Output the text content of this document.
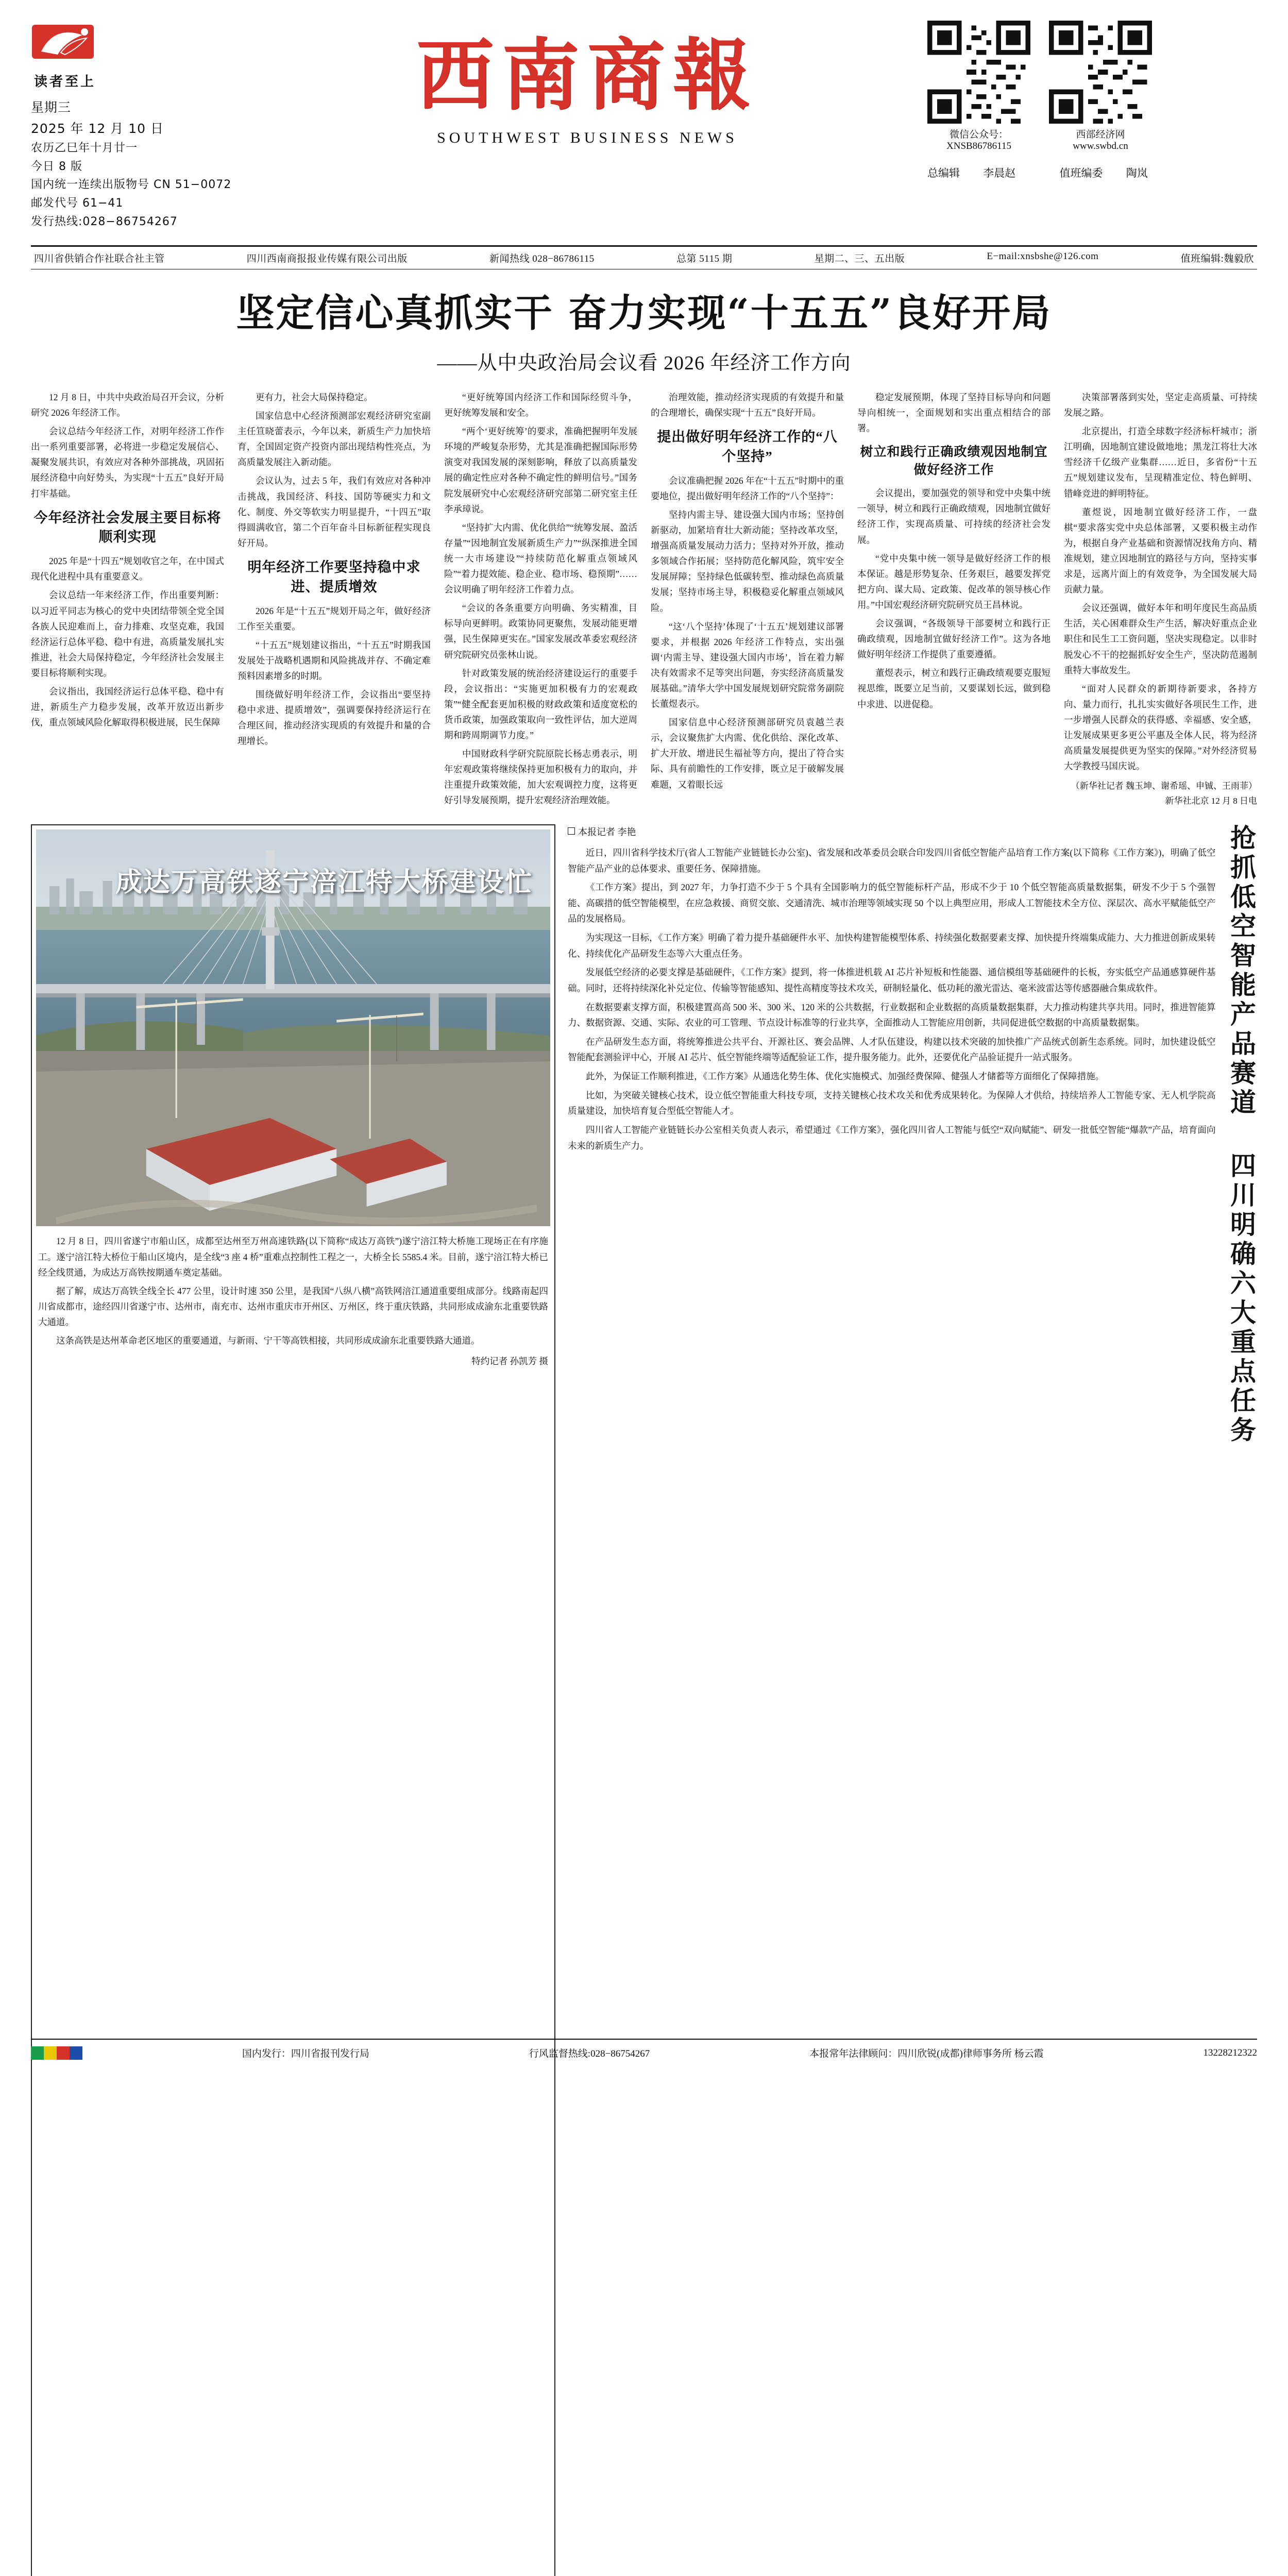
读者至上
星期三
2025 年 12 月 10 日
农历乙巳年十月廿一
今日 8 版
国内统一连续出版物号 CN 51−0072
邮发代号 61−41
发行热线:028−86754267
西南商報
SOUTHWEST BUSINESS NEWS	微信公众号：XNSB86786115
西部经济网 www.swbd.cn
总编辑 李晨赵	值班编委 陶岚
四川省供销合作社联合社主管	四川西南商报报业传媒有限公司出版	新闻热线 028−86786115	总第 5115 期	星期二、三、五出版	E−mail:xnsbshe@126.com	值班编辑:魏毅欣
坚定信心真抓实干 奋力实现“十五五”良好开局
——从中央政治局会议看 2026 年经济工作方向

12 月 8 日，中共中央政治局召开会议，分析研究 2026 年经济工作。

会议总结今年经济工作，对明年经济工作作出一系列重要部署，必将进一步稳定发展信心、凝聚发展共识，有效应对各种外部挑战，巩固拓展经济稳中向好势头，为实现“十五五”良好开局打牢基础。

今年经济社会发展主要目标将顺利实现

2025 年是“十四五”规划收官之年，在中国式现代化进程中具有重要意义。

会议总结一年来经济工作，作出重要判断：以习近平同志为核心的党中央团结带领全党全国各族人民迎难而上，奋力排难、攻坚克难，我国经济运行总体平稳、稳中有进，高质量发展扎实推进，社会大局保持稳定，今年经济社会发展主要目标将顺利实现。

会议指出，我国经济运行总体平稳、稳中有进，新质生产力稳步发展，改革开放迈出新步伐，重点领域风险化解取得积极进展，民生保障

更有力，社会大局保持稳定。

国家信息中心经济预测部宏观经济研究室副主任笪晓蕾表示，今年以来，新质生产力加快培育，全国固定资产投资内部出现结构性亮点，为高质量发展注入新动能。

会议认为，过去 5 年，我们有效应对各种冲击挑战，我国经济、科技、国防等硬实力和文化、制度、外交等软实力明显提升，“十四五”取得圆满收官，第二个百年奋斗目标新征程实现良好开局。

明年经济工作要坚持稳中求进、提质增效

2026 年是“十五五”规划开局之年，做好经济工作至关重要。

“十五五”规划建议指出，“十五五”时期我国发展处于战略机遇期和风险挑战并存、不确定难预料因素增多的时期。

围绕做好明年经济工作，会议指出“要坚持稳中求进、提质增效”，强调要保持经济运行在合理区间，推动经济实现质的有效提升和量的合理增长。

“更好统筹国内经济工作和国际经贸斗争，更好统筹发展和安全。

“两个‘更好统筹’的要求，准确把握明年发展环境的严峻复杂形势，尤其是准确把握国际形势演变对我国发展的深刻影响，释放了以高质量发展的确定性应对各种不确定性的鲜明信号。”国务院发展研究中心宏观经济研究部第二研究室主任李承璋说。

“坚持扩大内需、优化供给”“统筹发展、盈活存量”“因地制宜发展新质生产力”“纵深推进全国统一大市场建设”“持续防范化解重点领域风险”“着力提效能、稳企业、稳市场、稳预期”……会议明确了明年经济工作着力点。

“会议的各条重要方向明确、务实精准，目标导向更鲜明。政策协同更聚焦，发展动能更增强，民生保障更实在。”国家发展改革委宏观经济研究院研究员张林山说。

针对政策发展的统治经济建设运行的重要手段，会议指出：“实施更加积极有力的宏观政策”“健全配套更加积极的财政政策和适度宽松的货币政策，加强政策取向一致性评估，加大逆周期和跨周期调节力度。”

中国财政科学研究院原院长杨志勇表示，明年宏观政策将继续保持更加积极有力的取向，并注重提升政策效能，加大宏观调控力度，这将更好引导发展预期，提升宏观经济治理效能。

治理效能，推动经济实现质的有效提升和量的合理增长，确保实现“十五五”良好开局。

提出做好明年经济工作的“八个坚持”

会议准确把握 2026 年在“十五五”时期中的重要地位，提出做好明年经济工作的“八个坚持”：

坚持内需主导、建设强大国内市场；坚持创新驱动，加紧培育壮大新动能；坚持改革攻坚，增强高质量发展动力活力；坚持对外开放，推动多领域合作拓展；坚持防范化解风险，筑牢安全发展屏障；坚持绿色低碳转型、推动绿色高质量发展；坚持市场主导，积极稳妥化解重点领域风险。

“这‘八个坚持’体现了‘十五五’规划建议部署要求，并根据 2026 年经济工作特点，实出强调‘内需主导、建设强大国内市场’，旨在着力解决有效需求不足等突出问题，夯实经济高质量发展基础。”清华大学中国发展规划研究院常务副院长董煜表示。

国家信息中心经济预测部研究员袁越兰表示，会议聚焦扩大内需、优化供给、深化改革、扩大开放、增进民生福祉等方向，提出了符合实际、具有前瞻性的工作安排，既立足于破解发展难题，又着眼长远

稳定发展预期，体现了坚持目标导向和问题导向相统一，全面规划和实出重点相结合的部署。

树立和践行正确政绩观因地制宜做好经济工作

会议提出，要加强党的领导和党中央集中统一领导，树立和践行正确政绩观，因地制宜做好经济工作，实现高质量、可持续的经济社会发展。

“党中央集中统一领导是做好经济工作的根本保证。越是形势复杂、任务艰巨，越要发挥党把方向、谋大局、定政策、促改革的领导核心作用。”中国宏观经济研究院研究员王昌林说。

会议强调，“各级领导干部要树立和践行正确政绩观，因地制宜做好经济工作”。这为各地做好明年经济工作提供了重要遵循。

董煜表示，树立和践行正确政绩观要克服短视思维，既要立足当前，又要谋划长远，做到稳中求进、以进促稳。

决策部署落到实处，坚定走高质量、可持续发展之路。

北京提出，打造全球数字经济标杆城市；浙江明确，因地制宜建设做地地；黑龙江将壮大冰雪经济千亿级产业集群……近日，多省份“十五五”规划建议发布，呈现精准定位、特色鲜明、错峰竞进的鲜明特征。

董煜说，因地制宜做好经济工作，一盘棋“要求落实党中央总体部署，又要积极主动作为，根据自身产业基础和资源情况找角方向、精准规划，建立因地制宜的路径与方向，坚持实事求是，远离片面上的有效竞争，为全国发展大局贡献力量。

会议还强调，做好本年和明年度民生高品质生活，关心困难群众生产生活，解决好重点企业职住和民生工工资问题，坚决实现稳定。以非时脱发心不干的挖掘抓好安全生产，坚决防范遏制重特大事故发生。

“面对人民群众的新期待新要求，各持方向、量力而行，扎扎实实做好各项民生工作，进一步增强人民群众的获得感、幸福感、安全感，让发展成果更多更公平惠及全体人民，将为经济高质量发展提供更为坚实的保障。”对外经济贸易大学教授马国庆说。

（新华社记者 魏玉坤、谢希瑶、申铖、王雨菲）
新华社北京 12 月 8 日电
成达万高铁遂宁涪江特大桥建设忙

12 月 8 日，四川省遂宁市船山区，成都至达州至万州高速铁路(以下简称“成达万高铁”)遂宁涪江特大桥施工现场正在有序施工。遂宁涪江特大桥位于船山区境内，是全线“3 座 4 桥”重难点控制性工程之一，大桥全长 5585.4 米。目前，遂宁涪江特大桥已经全线贯通，为成达万高铁按期通车奠定基础。

据了解，成达万高铁全线全长 477 公里，设计时速 350 公里，是我国“八纵八横”高铁网涪江通道重要组成部分。线路南起四川省成都市，途经四川省遂宁市、达州市，南充市、达州市重庆市开州区、万州区，终于重庆铁路，共同形成成渝东北重要铁路大通道。

这条高铁是达州革命老区地区的重要通道，与新雨、宁干等高铁相接，共同形成成渝东北重要铁路大通道。

特约记者 孙凯芳 摄
本报记者 李艳

近日，四川省科学技术厅(省人工智能产业链链长办公室)、省发展和改革委员会联合印发四川省低空智能产品培育工作方案(以下简称《工作方案》)，明确了低空智能产品产业的总体要求、重要任务、保障措施。

《工作方案》提出，到 2027 年，力争打造不少于 5 个具有全国影响力的低空智能标杆产品，形成不少于 10 个低空智能高质量数据集，研发不少于 5 个强智能、高碳措的低空智能模型，在应急救援、商贸交旅、交通清洗、城市治理等领域实现 50 个以上典型应用，形成人工智能技术全方位、深层次、高水平赋能低空产品的发展格局。

为实现这一目标，《工作方案》明确了着力提升基础硬件水平、加快构建智能模型体系、持续强化数据要素支撑、加快提升终端集成能力、大力推进创新成果转化、持续优化产品研发生态等六大重点任务。

发展低空经济的必要支撑是基础硬件，《工作方案》提到，将一体推进机载 AI 芯片补短板和性能器、通信模组等基础硬件的长板，夯实低空产品通感算硬件基础。同时，还将持续深化补兑定位、传输等智能感知、提性高精度等技术攻关，研制轻量化、低功耗的激光雷达、毫米波雷达等传感器融合集成软件。

在数据要素支撑方面，积极建置高高 500 米、300 米、120 米的公共数据，行业数据和企业数据的高质量数据集群，大力推动构建共享共用。同时，推进智能算力、数据资源、交通、实际、农业的可工管理、节点设计标准等的行业共享，全面推动人工智能应用创新，共同促进低空数据的中高质量数据集。

在产品研发生态方面，将统筹推进公共平台、开源社区、赛会品牌、人才队伍建设，构建以技术突破的加快推广产品统式创新生态系统。同时，加快建设低空智能配套测验评中心，开展 AI 芯片、低空智能终端等适配验证工作，提升服务能力。此外，还要优化产品验证提升一站式服务。

此外，为保证工作顺利推进，《工作方案》从通选化势生体、优化实施模式、加强经费保障、健强人才储蓄等方面细化了保障措施。

比如，为突破关键核心技术，设立低空智能重大科技专项，支持关键核心技术攻关和优秀成果转化。为保障人才供给，持续培养人工智能专家、无人机学院高质量建设，加快培育复合型低空智能人才。

四川省人工智能产业链链长办公室相关负责人表示，希望通过《工作方案》，强化四川省人工智能与低空“双向赋能”、研发一批低空智能“爆款”产品，培育面向未来的新质生产力。	抢抓低空智能产品赛道 四川明确六大重点任务

国内发行：四川省报刊发行局	行风监督热线:028−86754267	本报常年法律顾问：四川欣锐(成都)律师事务所 杨云霞	13228212322
